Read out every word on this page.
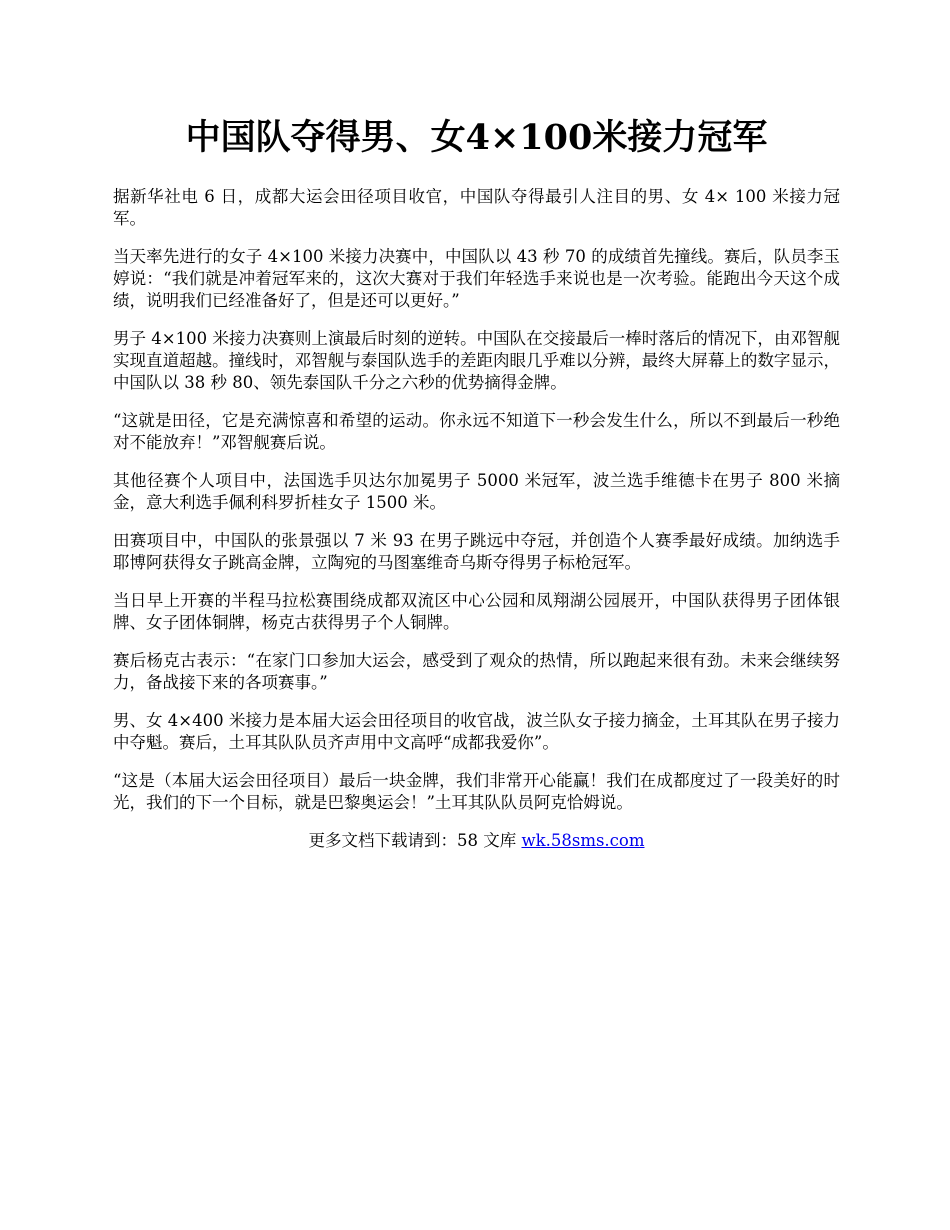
中国队夺得男、女4×100米接力冠军

据新华社电 6 日，成都大运会田径项目收官，中国队夺得最引人注目的男、女 4× 100 米接力冠军。

当天率先进行的女子 4×100 米接力决赛中，中国队以 43 秒 70 的成绩首先撞线。赛后，队员李玉婷说：“我们就是冲着冠军来的，这次大赛对于我们年轻选手来说也是一次考验。能跑出今天这个成绩，说明我们已经准备好了，但是还可以更好。”

男子 4×100 米接力决赛则上演最后时刻的逆转。中国队在交接最后一棒时落后的情况下，由邓智舰实现直道超越。撞线时，邓智舰与泰国队选手的差距肉眼几乎难以分辨，最终大屏幕上的数字显示，中国队以 38 秒 80、领先泰国队千分之六秒的优势摘得金牌。

“这就是田径，它是充满惊喜和希望的运动。你永远不知道下一秒会发生什么，所以不到最后一秒绝对不能放弃！”邓智舰赛后说。

其他径赛个人项目中，法国选手贝达尔加冕男子 5000 米冠军，波兰选手维德卡在男子 800 米摘金，意大利选手佩利科罗折桂女子 1500 米。

田赛项目中，中国队的张景强以 7 米 93 在男子跳远中夺冠，并创造个人赛季最好成绩。加纳选手耶博阿获得女子跳高金牌，立陶宛的马图塞维奇乌斯夺得男子标枪冠军。

当日早上开赛的半程马拉松赛围绕成都双流区中心公园和凤翔湖公园展开，中国队获得男子团体银牌、女子团体铜牌，杨克古获得男子个人铜牌。

赛后杨克古表示：“在家门口参加大运会，感受到了观众的热情，所以跑起来很有劲。未来会继续努力，备战接下来的各项赛事。”

男、女 4×400 米接力是本届大运会田径项目的收官战，波兰队女子接力摘金，土耳其队在男子接力中夺魁。赛后，土耳其队队员齐声用中文高呼“成都我爱你”。

“这是（本届大运会田径项目）最后一块金牌，我们非常开心能赢！我们在成都度过了一段美好的时光，我们的下一个目标，就是巴黎奥运会！”土耳其队队员阿克恰姆说。

更多文档下载请到：58 文库 wk.58sms.com
